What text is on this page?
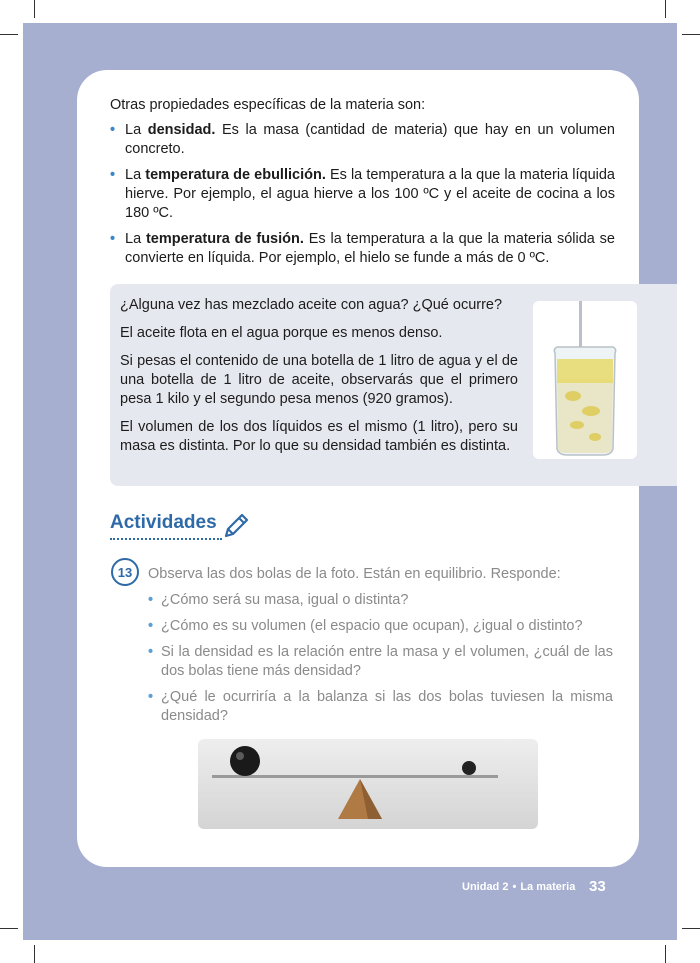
Otras propiedades específicas de la materia son:

• La densidad. Es la masa (cantidad de materia) que hay en un volumen concreto.
• La temperatura de ebullición. Es la temperatura a la que la materia líquida hierve. Por ejemplo, el agua hierve a los 100 ºC y el aceite de cocina a los 180 ºC.
• La temperatura de fusión. Es la temperatura a la que la materia sólida se convierte en líquida. Por ejemplo, el hielo se funde a más de 0 ºC.

¿Alguna vez has mezclado aceite con agua? ¿Qué ocurre?

El aceite flota en el agua porque es menos denso.

Si pesas el contenido de una botella de 1 litro de agua y el de una botella de 1 litro de aceite, observarás que el primero pesa 1 kilo y el segundo pesa menos (920 gramos).

El volumen de los dos líquidos es el mismo (1 litro), pero su masa es distinta. Por lo que su densidad también es distinta.

Actividades
13	Observa las dos bolas de la foto. Están en equilibrio. Responde:
• ¿Cómo será su masa, igual o distinta?
• ¿Cómo es su volumen (el espacio que ocupan), ¿igual o distinto?
• Si la densidad es la relación entre la masa y el volumen, ¿cuál de las dos bolas tiene más densidad?
• ¿Qué le ocurriría a la balanza si las dos bolas tuviesen la misma densidad?
Unidad 2 • La materia 33
